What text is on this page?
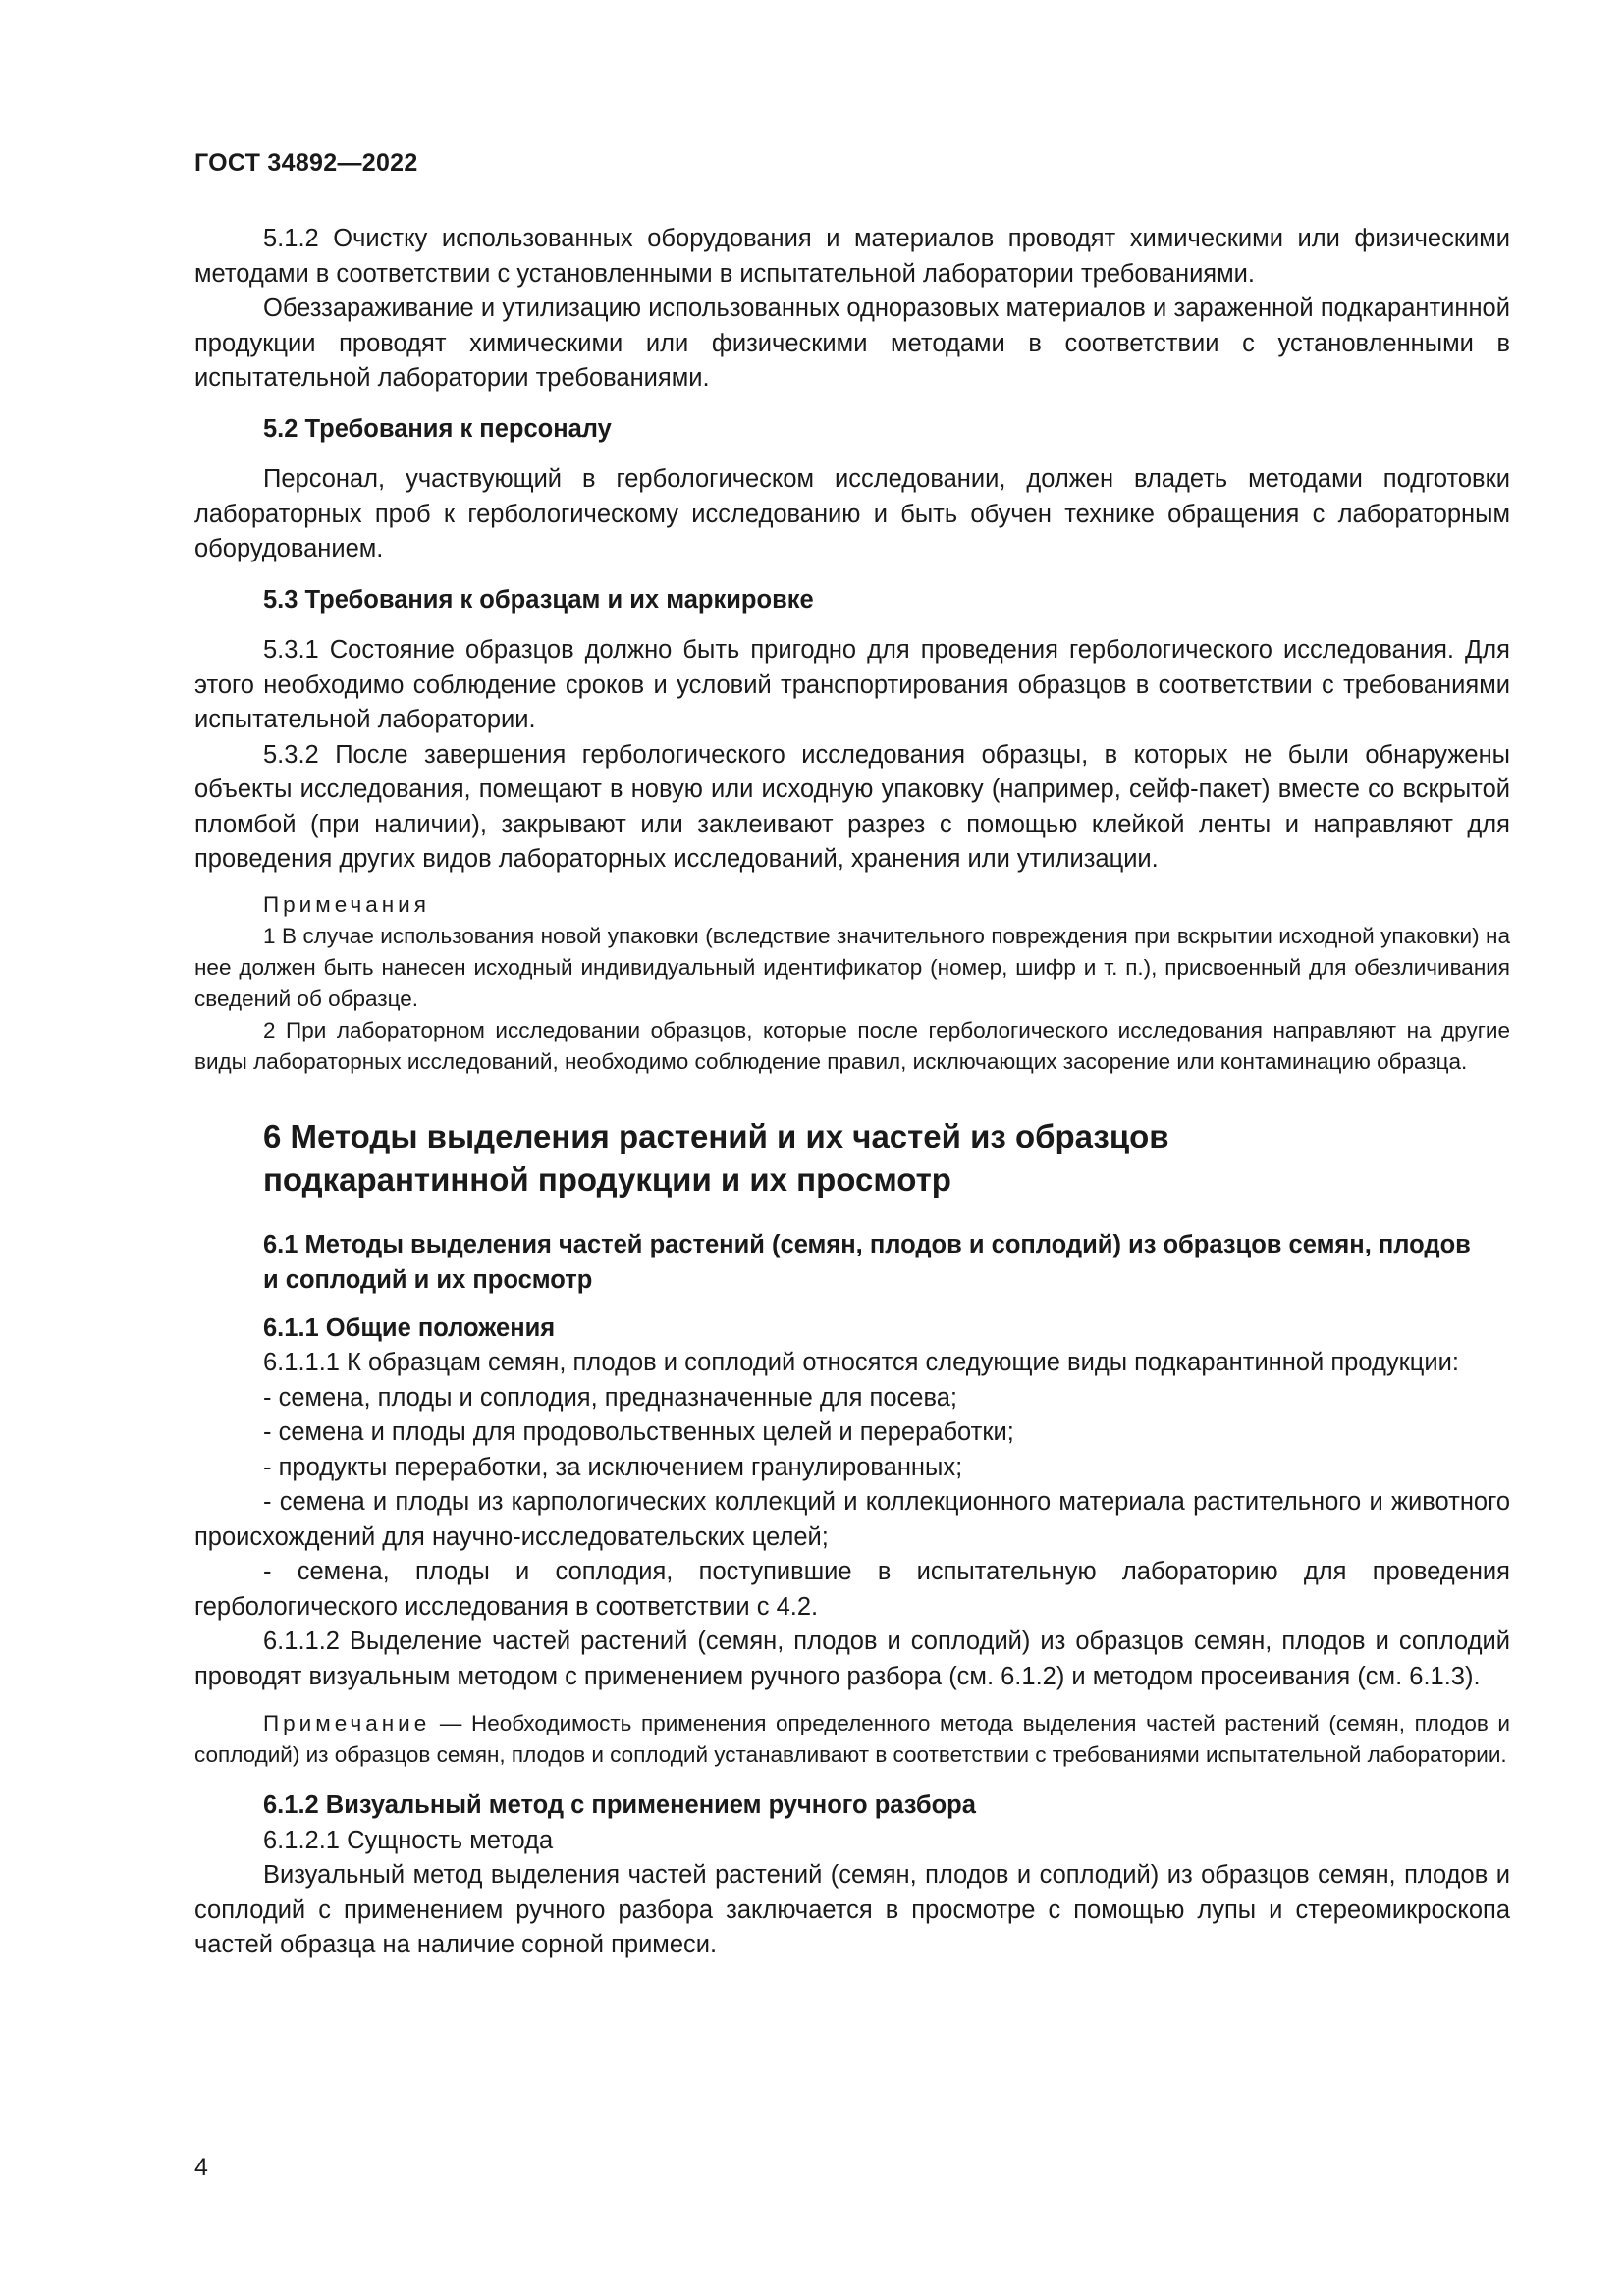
ГОСТ 34892—2022

5.1.2 Очистку использованных оборудования и материалов проводят химическими или физическими методами в соответствии с установленными в испытательной лаборатории требованиями.

Обеззараживание и утилизацию использованных одноразовых материалов и зараженной подкарантинной продукции проводят химическими или физическими методами в соответствии с установленными в испытательной лаборатории требованиями.

5.2 Требования к персоналу

Персонал, участвующий в гербологическом исследовании, должен владеть методами подготовки лабораторных проб к гербологическому исследованию и быть обучен технике обращения с лабораторным оборудованием.

5.3 Требования к образцам и их маркировке

5.3.1 Состояние образцов должно быть пригодно для проведения гербологического исследования. Для этого необходимо соблюдение сроков и условий транспортирования образцов в соответствии с требованиями испытательной лаборатории.

5.3.2 После завершения гербологического исследования образцы, в которых не были обнаружены объекты исследования, помещают в новую или исходную упаковку (например, сейф-пакет) вместе со вскрытой пломбой (при наличии), закрывают или заклеивают разрез с помощью клейкой ленты и направляют для проведения других видов лабораторных исследований, хранения или утилизации.

Примечания

1 В случае использования новой упаковки (вследствие значительного повреждения при вскрытии исходной упаковки) на нее должен быть нанесен исходный индивидуальный идентификатор (номер, шифр и т. п.), присвоенный для обезличивания сведений об образце.

2 При лабораторном исследовании образцов, которые после гербологического исследования направляют на другие виды лабораторных исследований, необходимо соблюдение правил, исключающих засорение или контаминацию образца.

6 Методы выделения растений и их частей из образцов подкарантинной продукции и их просмотр

6.1 Методы выделения частей растений (семян, плодов и соплодий) из образцов семян, плодов и соплодий и их просмотр

6.1.1 Общие положения

6.1.1.1 К образцам семян, плодов и соплодий относятся следующие виды подкарантинной продукции:

- семена, плоды и соплодия, предназначенные для посева;

- семена и плоды для продовольственных целей и переработки;

- продукты переработки, за исключением гранулированных;

- семена и плоды из карпологических коллекций и коллекционного материала растительного и животного происхождений для научно-исследовательских целей;

- семена, плоды и соплодия, поступившие в испытательную лабораторию для проведения гербологического исследования в соответствии с 4.2.

6.1.1.2 Выделение частей растений (семян, плодов и соплодий) из образцов семян, плодов и соплодий проводят визуальным методом с применением ручного разбора (см. 6.1.2) и методом просеивания (см. 6.1.3).

Примечание — Необходимость применения определенного метода выделения частей растений (семян, плодов и соплодий) из образцов семян, плодов и соплодий устанавливают в соответствии с требованиями испытательной лаборатории.

6.1.2 Визуальный метод с применением ручного разбора

6.1.2.1 Сущность метода

Визуальный метод выделения частей растений (семян, плодов и соплодий) из образцов семян, плодов и соплодий с применением ручного разбора заключается в просмотре с помощью лупы и стереомикроскопа частей образца на наличие сорной примеси.

4
